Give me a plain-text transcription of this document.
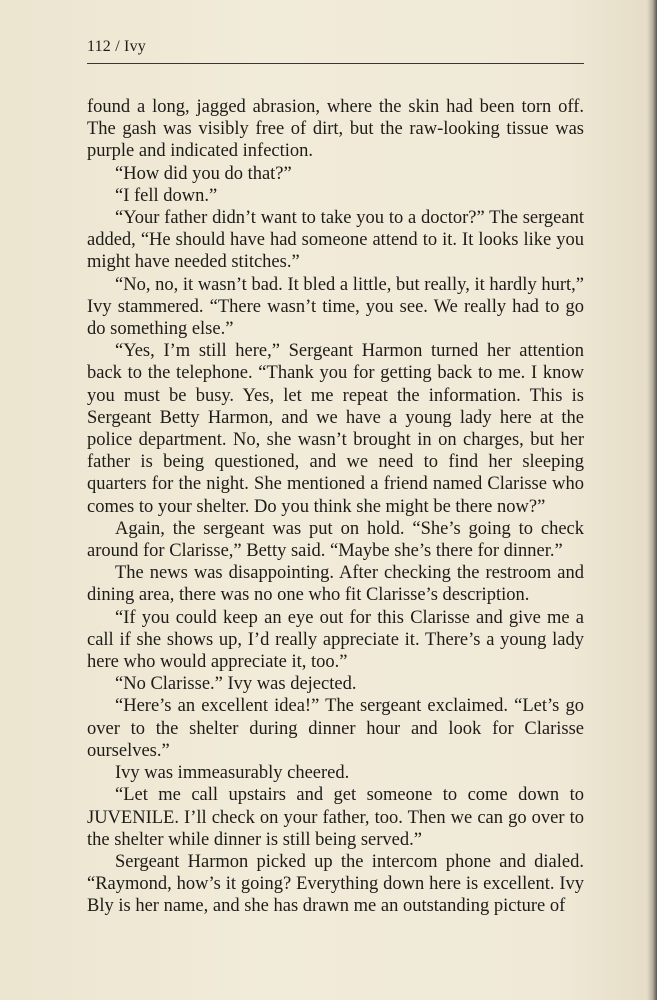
112 / Ivy

found a long, jagged abrasion, where the skin had been torn off. The gash was visibly free of dirt, but the raw-looking tissue was purple and indicated infection.

“How did you do that?”

“I fell down.”

“Your father didn’t want to take you to a doctor?” The sergeant added, “He should have had someone attend to it. It looks like you might have needed stitches.”

“No, no, it wasn’t bad. It bled a little, but really, it hardly hurt,” Ivy stammered. “There wasn’t time, you see. We really had to go do something else.”

“Yes, I’m still here,” Sergeant Harmon turned her attention back to the telephone. “Thank you for getting back to me. I know you must be busy. Yes, let me repeat the information. This is Sergeant Betty Harmon, and we have a young lady here at the police department. No, she wasn’t brought in on charges, but her father is being questioned, and we need to find her sleeping quarters for the night. She mentioned a friend named Clarisse who comes to your shelter. Do you think she might be there now?”

Again, the sergeant was put on hold. “She’s going to check around for Clarisse,” Betty said. “Maybe she’s there for dinner.”

The news was disappointing. After checking the restroom and dining area, there was no one who fit Clarisse’s description.

“If you could keep an eye out for this Clarisse and give me a call if she shows up, I’d really appreciate it. There’s a young lady here who would appreciate it, too.”

“No Clarisse.” Ivy was dejected.

“Here’s an excellent idea!” The sergeant exclaimed. “Let’s go over to the shelter during dinner hour and look for Clarisse ourselves.”

Ivy was immeasurably cheered.

“Let me call upstairs and get someone to come down to JUVENILE. I’ll check on your father, too. Then we can go over to the shelter while dinner is still being served.”

Sergeant Harmon picked up the intercom phone and dialed. “Raymond, how’s it going? Everything down here is excellent. Ivy Bly is her name, and she has drawn me an outstanding picture of
